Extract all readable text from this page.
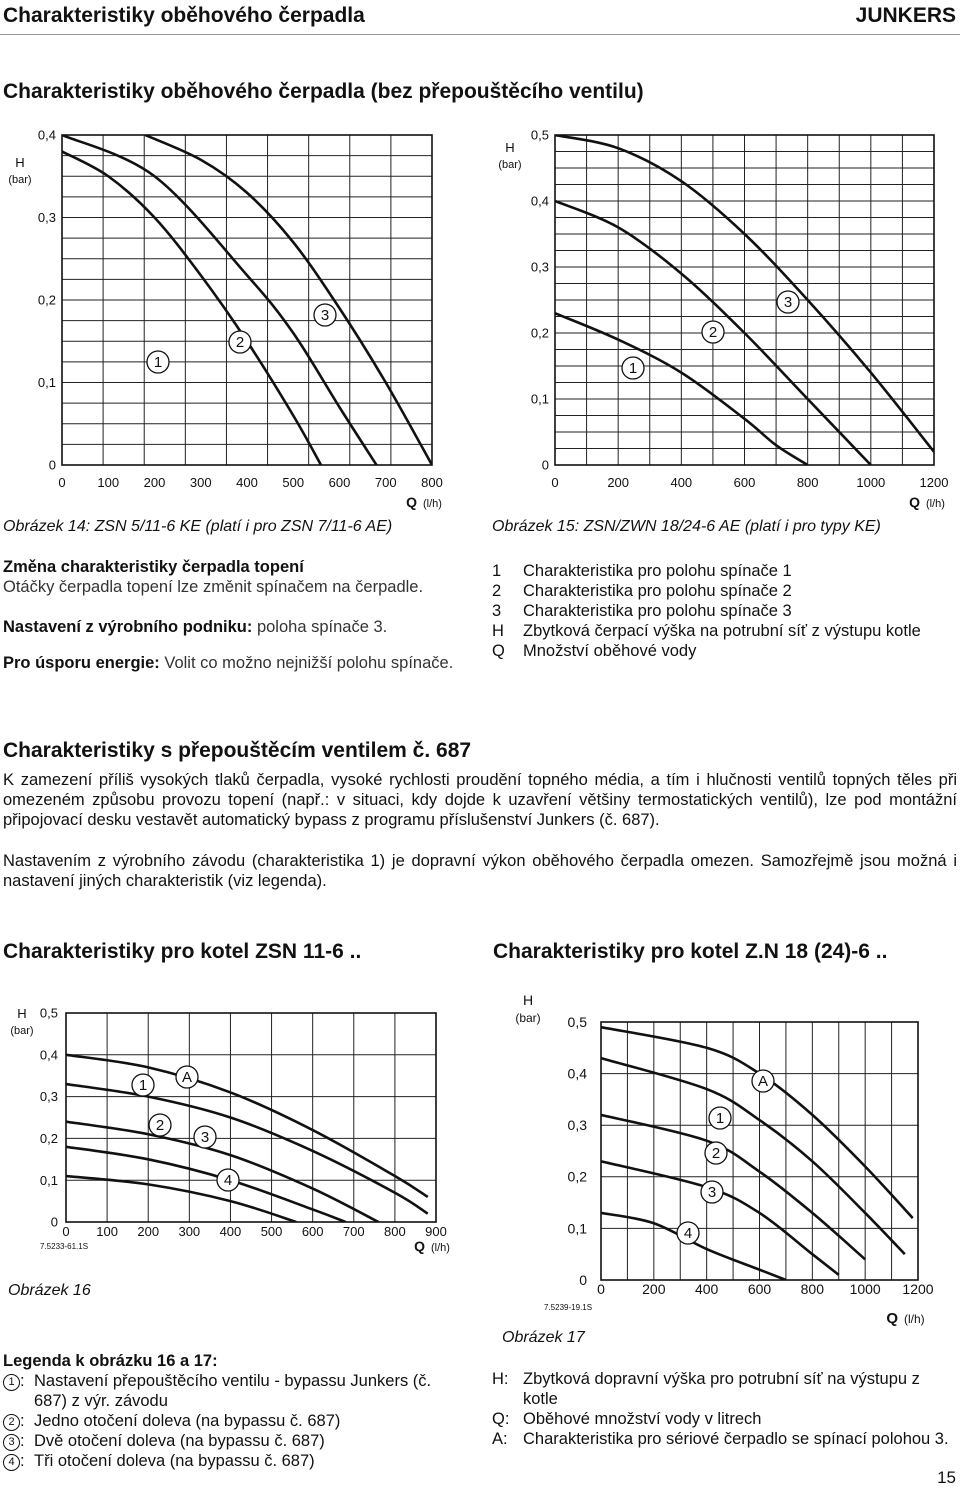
Charakteristiky oběhového čerpadla	JUNKERS
Charakteristiky oběhového čerpadla (bez přepouštěcího ventilu)
0 100 200 300 400 500 600 700 800
0
0,1
0,2
0,3
0,4
H
(bar)
Q (l/h)
1
2
3
Obrázek 14: ZSN 5/11-6 KE (platí i pro ZSN 7/11-6 AE)
0	200	400	600	800	1000	1200
0
0,1
0,2
0,3
0,4
0,5
H
(bar)
Q (l/h)
1
2
3
Obrázek 15: ZSN/ZWN 18/24-6 AE (platí i pro typy KE)
Změna charakteristiky čerpadla topení
Otáčky čerpadla topení lze změnit spínačem na čerpadle.
Nastavení z výrobního podniku: poloha spínače 3.
Pro úsporu energie: Volit co možno nejnižší polohu spínače.
1	Charakteristika pro polohu spínače 1
2	Charakteristika pro polohu spínače 2
3	Charakteristika pro polohu spínače 3
H	Zbytková čerpací výška na potrubní síť z výstupu kotle
Q	Množství oběhové vody
Charakteristiky s přepouštěcím ventilem č. 687
K zamezení příliš vysokých tlaků čerpadla, vysoké rychlosti proudění topného média, a tím i hlučnosti ventilů topných těles při omezeném způsobu provozu topení (např.: v situaci, kdy dojde k uzavření většiny termostatických ventilů), lze pod montážní připojovací desku vestavět automatický bypass z programu příslušenství Junkers (č. 687).
Nastavením z výrobního závodu (charakteristika 1) je dopravní výkon oběhového čerpadla omezen. Samozřejmě jsou možná i nastavení jiných charakteristik (viz legenda).
Charakteristiky pro kotel ZSN 11-6 ..	Charakteristiky pro kotel Z.N 18 (24)-6 ..
0 100 200 300 400 500 600 700 800 900
0
0,1
0,2
0,3
0,4
0,5
H
(bar)
Q (l/h)
7.5233-61.1S
A
1
2
3
4
Obrázek 16	0	200 400 600 800 1000 1200
0
0,1
0,2
0,3
0,4
0,5
H
(bar)
Q (l/h)
7.5239-19.1S
A
1
2
3
4
Obrázek 17
Legenda k obrázku 16 a 17:
1 : Nastavení přepouštěcího ventilu - bypassu Junkers (č. 687) z výr. závodu
2 : Jedno otočení doleva (na bypassu č. 687)
3 : Dvě otočení doleva (na bypassu č. 687)
4 : Tři otočení doleva (na bypassu č. 687)
H: Zbytková dopravní výška pro potrubní síť na výstupu z kotle
Q: Oběhové množství vody v litrech
A: Charakteristika pro sériové čerpadlo se spínací polohou 3.
15
